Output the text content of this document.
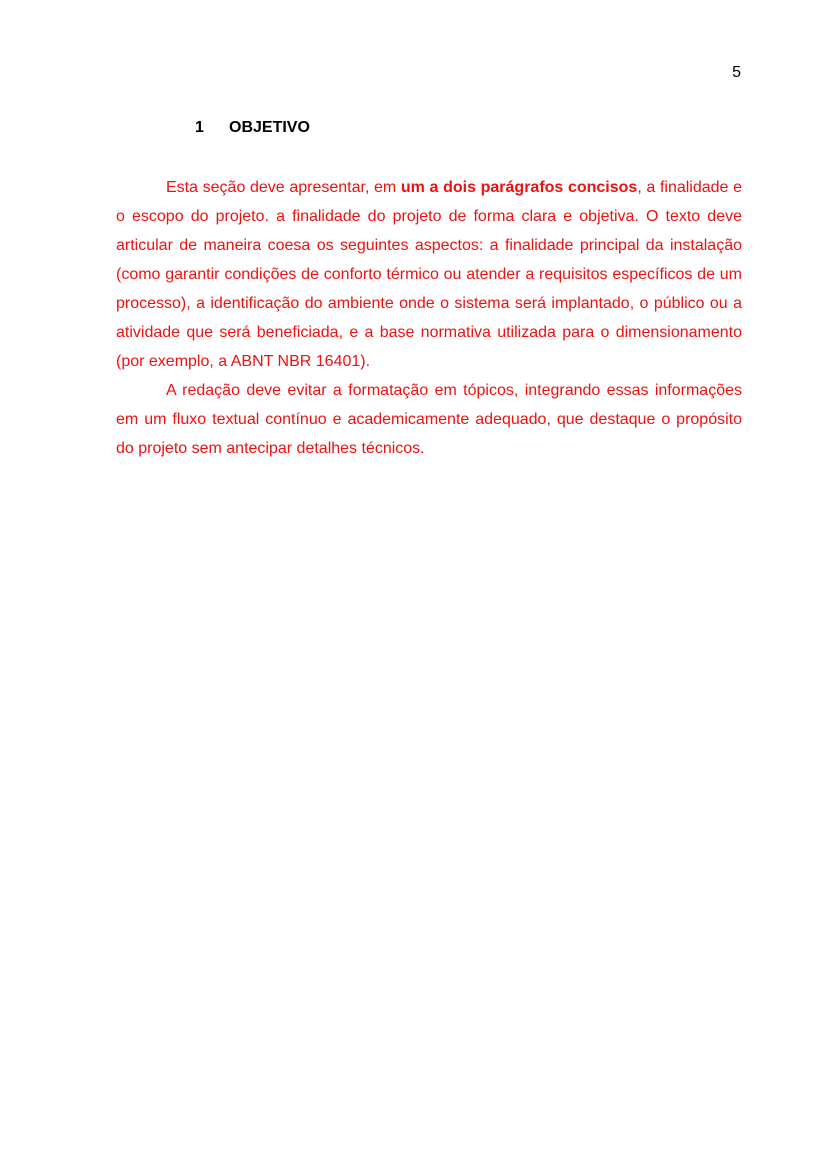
5
1 OBJETIVO

Esta seção deve apresentar, em um a dois parágrafos concisos, a finalidade e o escopo do projeto. a finalidade do projeto de forma clara e objetiva. O texto deve articular de maneira coesa os seguintes aspectos: a finalidade principal da instalação (como garantir condições de conforto térmico ou atender a requisitos específicos de um processo), a identificação do ambiente onde o sistema será implantado, o público ou a atividade que será beneficiada, e a base normativa utilizada para o dimensionamento (por exemplo, a ABNT NBR 16401).

A redação deve evitar a formatação em tópicos, integrando essas informações em um fluxo textual contínuo e academicamente adequado, que destaque o propósito do projeto sem antecipar detalhes técnicos.
